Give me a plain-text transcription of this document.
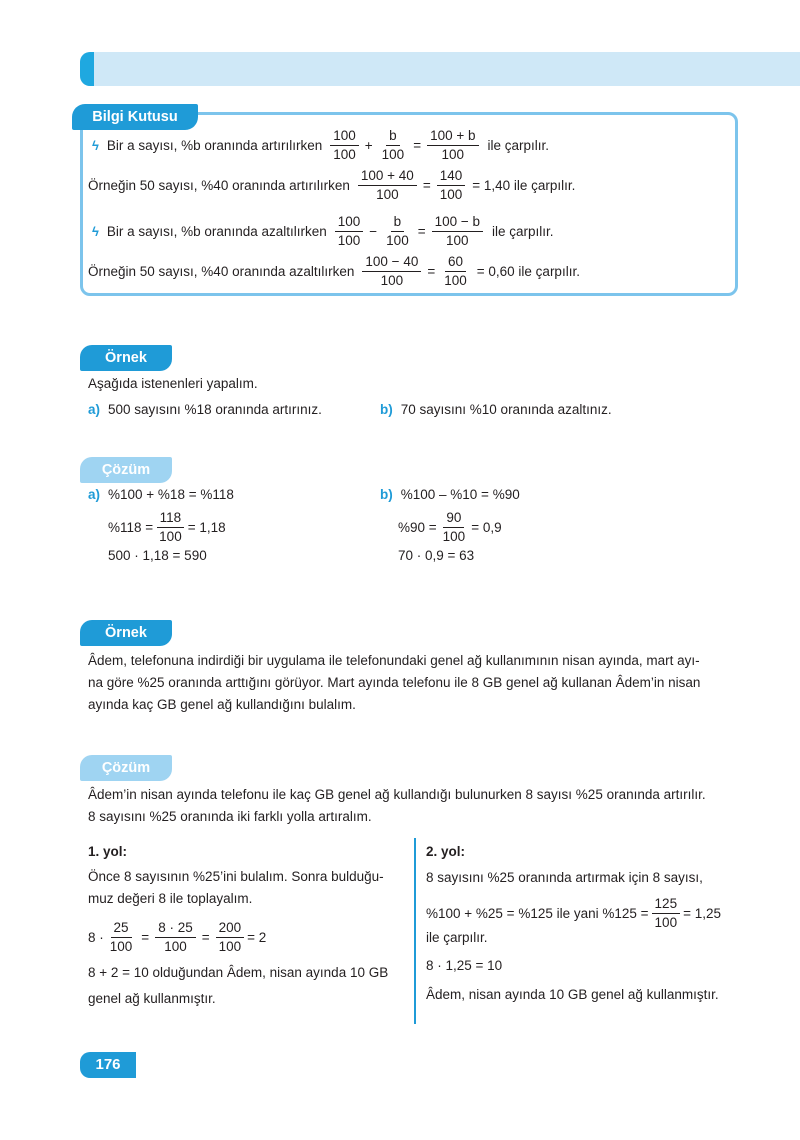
Bilgi Kutusu
ϟ Bir a sayısı, %b oranında artırılırken $\frac{100}{100} + \frac{b}{100} = \frac{100 + b}{100}$ ile çarpılır.
Örneğin 50 sayısı, %40 oranında artırılırken $\frac{100 + 40}{100} = \frac{140}{100} = 1,40$ ile çarpılır.
ϟ Bir a sayısı, %b oranında azaltılırken $\frac{100}{100} - \frac{b}{100} = \frac{100 - b}{100}$ ile çarpılır.
Örneğin 50 sayısı, %40 oranında azaltılırken $\frac{100 - 40}{100} = \frac{60}{100} = 0,60$ ile çarpılır.
Örnek
Aşağıda istenenleri yapalım.
a) 500 sayısını %18 oranında artırınız.	b) 70 sayısını %10 oranında azaltınız.
Çözüm
a) %100 + %18 = %118
$\%118 = \frac{118}{100} = 1,18$
500 · 1,18 = 590
b) %100 – %10 = %90
$\%90 = \frac{90}{100} = 0,9$
70 · 0,9 = 63
Örnek
Âdem, telefonuna indirdiği bir uygulama ile telefonundaki genel ağ kullanımının nisan ayında, mart ayı-
na göre %25 oranında arttığını görüyor. Mart ayında telefonu ile 8 GB genel ağ kullanan Âdem’in nisan
ayında kaç GB genel ağ kullandığını bulalım.
Çözüm
Âdem’in nisan ayında telefonu ile kaç GB genel ağ kullandığı bulunurken 8 sayısı %25 oranında artırılır.
8 sayısını %25 oranında iki farklı yolla artıralım.
1. yol:
Önce 8 sayısının %25’ini bulalım. Sonra bulduğu-
muz değeri 8 ile toplayalım.
$8 \cdot \frac{25}{100} = \frac{8 \cdot 25}{100} = \frac{200}{100} = 2$
8 + 2 = 10 olduğundan Âdem, nisan ayında 10 GB
genel ağ kullanmıştır.
2. yol:
8 sayısını %25 oranında artırmak için 8 sayısı,
%100 + %25 = %125 ile yani $\%125 = \frac{125}{100} = 1,25$
ile çarpılır.
8 · 1,25 = 10
Âdem, nisan ayında 10 GB genel ağ kullanmıştır.
176
